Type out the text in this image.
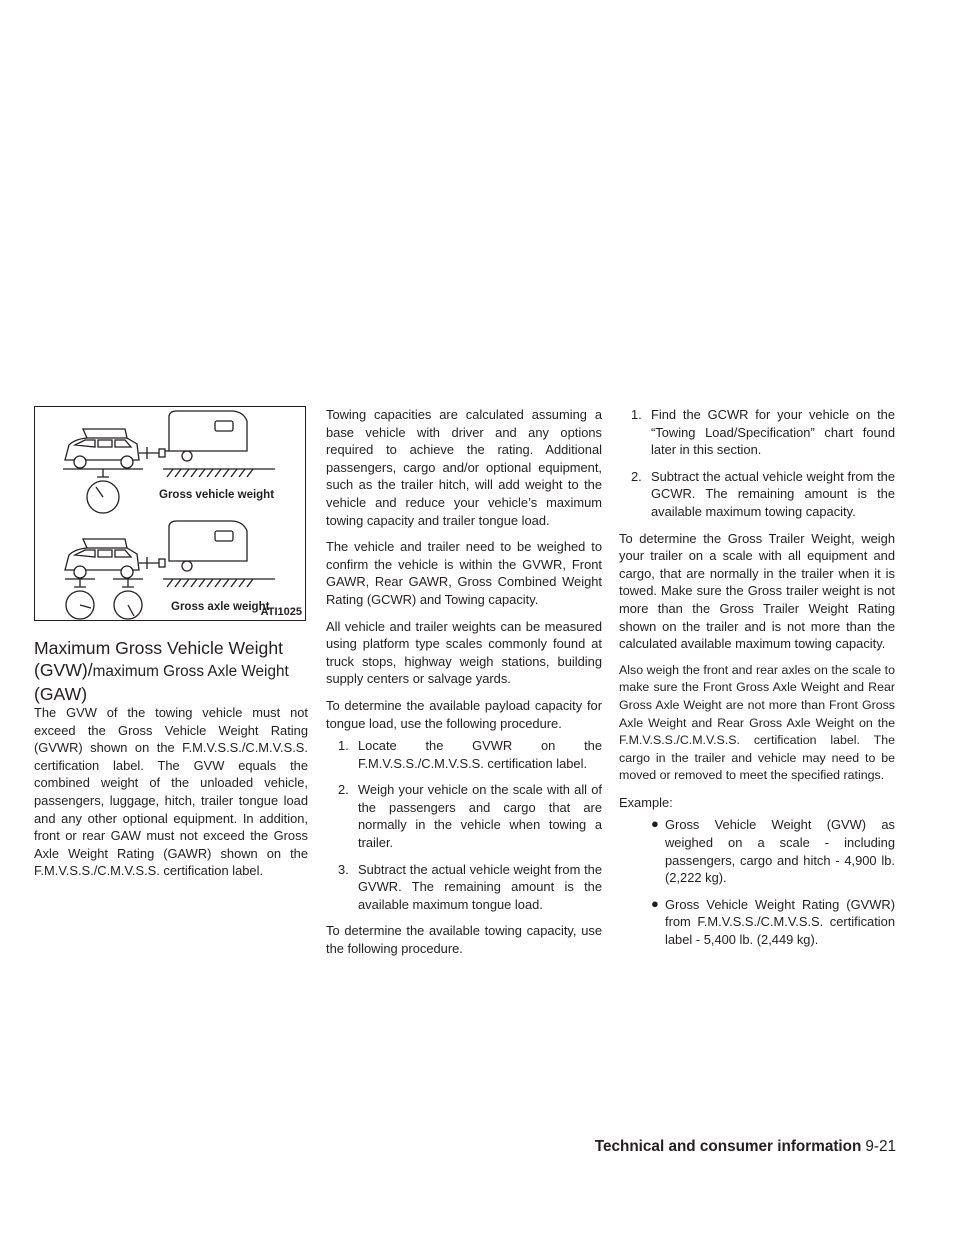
Gross vehicle weight
Gross axle weight
ATI1025
Maximum Gross Vehicle Weight (GVW)/maximum Gross Axle Weight
(GAW)

The GVW of the towing vehicle must not exceed the Gross Vehicle Weight Rating (GVWR) shown on the F.M.V.S.S./C.M.V.S.S. certification label. The GVW equals the combined weight of the unloaded vehicle, passengers, luggage, hitch, trailer tongue load and any other optional equipment. In addition, front or rear GAW must not exceed the Gross Axle Weight Rating (GAWR) shown on the F.M.V.S.S./C.M.V.S.S. certification label.

Towing capacities are calculated assuming a base vehicle with driver and any options required to achieve the rating. Additional passengers, cargo and/or optional equipment, such as the trailer hitch, will add weight to the vehicle and reduce your vehicle’s maximum towing capacity and trailer tongue load.

The vehicle and trailer need to be weighed to confirm the vehicle is within the GVWR, Front GAWR, Rear GAWR, Gross Combined Weight Rating (GCWR) and Towing capacity.

All vehicle and trailer weights can be measured using platform type scales commonly found at truck stops, highway weigh stations, building supply centers or salvage yards.

To determine the available payload capacity for tongue load, use the following procedure.

1. Locate the GVWR on the F.M.V.S.S./C.M.V.S.S. certification label.
2. Weigh your vehicle on the scale with all of the passengers and cargo that are normally in the vehicle when towing a trailer.
3. Subtract the actual vehicle weight from the GVWR. The remaining amount is the available maximum tongue load.

To determine the available towing capacity, use the following procedure.

1. Find the GCWR for your vehicle on the “Towing Load/Specification” chart found later in this section.
2. Subtract the actual vehicle weight from the GCWR. The remaining amount is the available maximum towing capacity.

To determine the Gross Trailer Weight, weigh your trailer on a scale with all equipment and cargo, that are normally in the trailer when it is towed. Make sure the Gross trailer weight is not more than the Gross Trailer Weight Rating shown on the trailer and is not more than the calculated available maximum towing capacity.

Also weigh the front and rear axles on the scale to make sure the Front Gross Axle Weight and Rear Gross Axle Weight are not more than Front Gross Axle Weight and Rear Gross Axle Weight on the F.M.V.S.S./C.M.V.S.S. certification label. The cargo in the trailer and vehicle may need to be moved or removed to meet the specified ratings.

Example:

● Gross Vehicle Weight (GVW) as weighed on a scale - including passengers, cargo and hitch - 4,900 lb. (2,222 kg).
● Gross Vehicle Weight Rating (GVWR) from F.M.V.S.S./C.M.V.S.S. certification label - 5,400 lb. (2,449 kg).
Technical and consumer information 9-21
